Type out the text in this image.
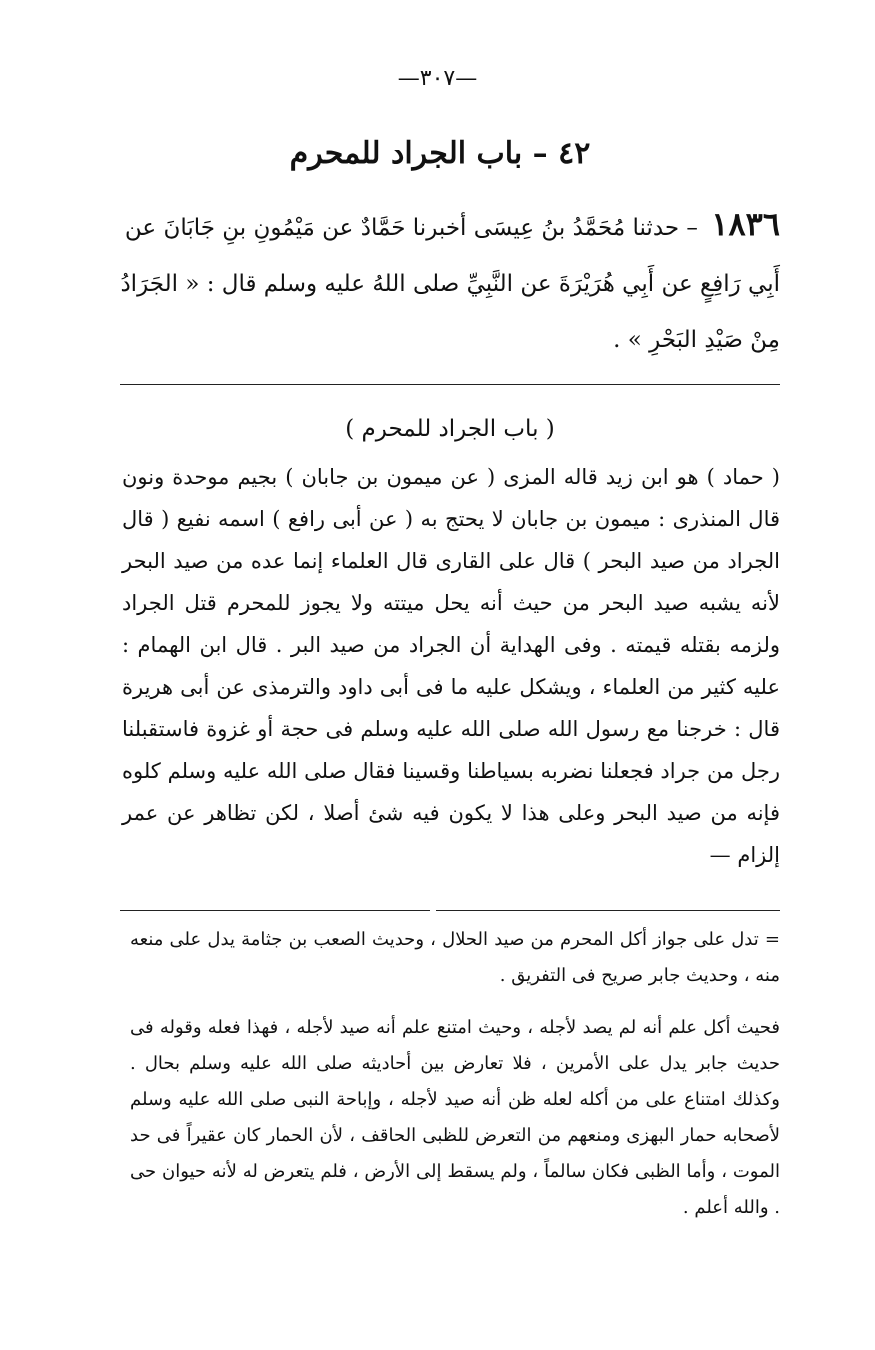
—٣٠٧—
٤٢ – باب الجراد للمحرم
١٨٣٦ – حدثنا مُحَمَّدُ بنُ عِيسَى أخبرنا حَمَّادٌ عن مَيْمُونِ بنِ جَابَانَ عن أَبِي رَافِعٍ عن أَبِي هُرَيْرَةَ عن النَّبِيِّ صلى اللهُ عليه وسلم قال : « الجَرَادُ مِنْ صَيْدِ البَحْرِ » .
( باب الجراد للمحرم )

( حماد ) هو ابن زيد قاله المزى ( عن ميمون بن جابان ) بجيم موحدة ونون قال المنذرى : ميمون بن جابان لا يحتج به ( عن أبى رافع ) اسمه نفيع ( قال الجراد من صيد البحر ) قال على القارى قال العلماء إنما عده من صيد البحر لأنه يشبه صيد البحر من حيث أنه يحل ميتته ولا يجوز للمحرم قتل الجراد ولزمه بقتله قيمته . وفى الهداية أن الجراد من صيد البر . قال ابن الهمام : عليه كثير من العلماء ، ويشكل عليه ما فى أبى داود والترمذى عن أبى هريرة قال : خرجنا مع رسول الله صلى الله عليه وسلم فى حجة أو غزوة فاستقبلنا رجل من جراد فجعلنا نضربه بسياطنا وقسينا فقال صلى الله عليه وسلم كلوه فإنه من صيد البحر وعلى هذا لا يكون فيه شئ أصلا ، لكن تظاهر عن عمر إلزام —

= تدل على جواز أكل المحرم من صيد الحلال ، وحديث الصعب بن جثامة يدل على منعه منه ، وحديث جابر صريح فى التفريق .

فحيث أكل علم أنه لم يصد لأجله ، وحيث امتنع علم أنه صيد لأجله ، فهذا فعله وقوله فى حديث جابر يدل على الأمرين ، فلا تعارض بين أحاديثه صلى الله عليه وسلم بحال . وكذلك امتناع على من أكله لعله ظن أنه صيد لأجله ، وإباحة النبى صلى الله عليه وسلم لأصحابه حمار البهزى ومنعهم من التعرض للظبى الحاقف ، لأن الحمار كان عقيراً فى حد الموت ، وأما الظبى فكان سالماً ، ولم يسقط إلى الأرض ، فلم يتعرض له لأنه حيوان حى . والله أعلم .
